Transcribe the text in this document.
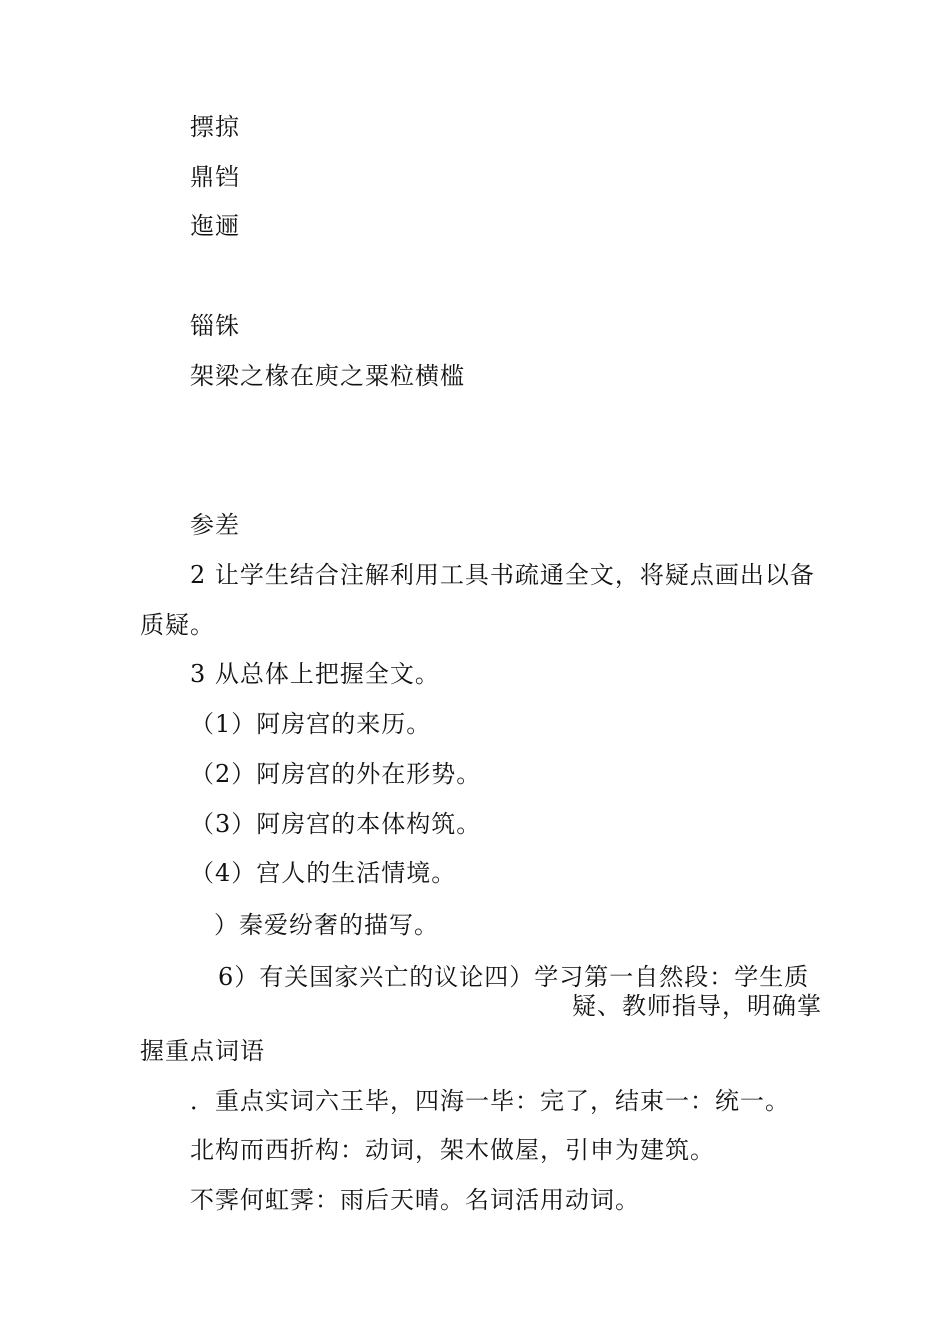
摽掠
鼎铛
迤逦
锱铢
架梁之椽在庾之粟粒横槛
参差
2 让学生结合注解利用工具书疏通全文，将疑点画出以备
质疑。
3 从总体上把握全文。
（1）阿房宫的来历。
（2）阿房宫的外在形势。
（3）阿房宫的本体构筑。
（4）宫人的生活情境。
）秦爱纷奢的描写。
6）有关国家兴亡的议论四）学习第一自然段：学生质
疑、教师指导，明确掌
握重点词语
．重点实词六王毕，四海一毕：完了，结束一：统一。
北构而西折构：动词，架木做屋，引申为建筑。
不霁何虹霁：雨后天晴。名词活用动词。
